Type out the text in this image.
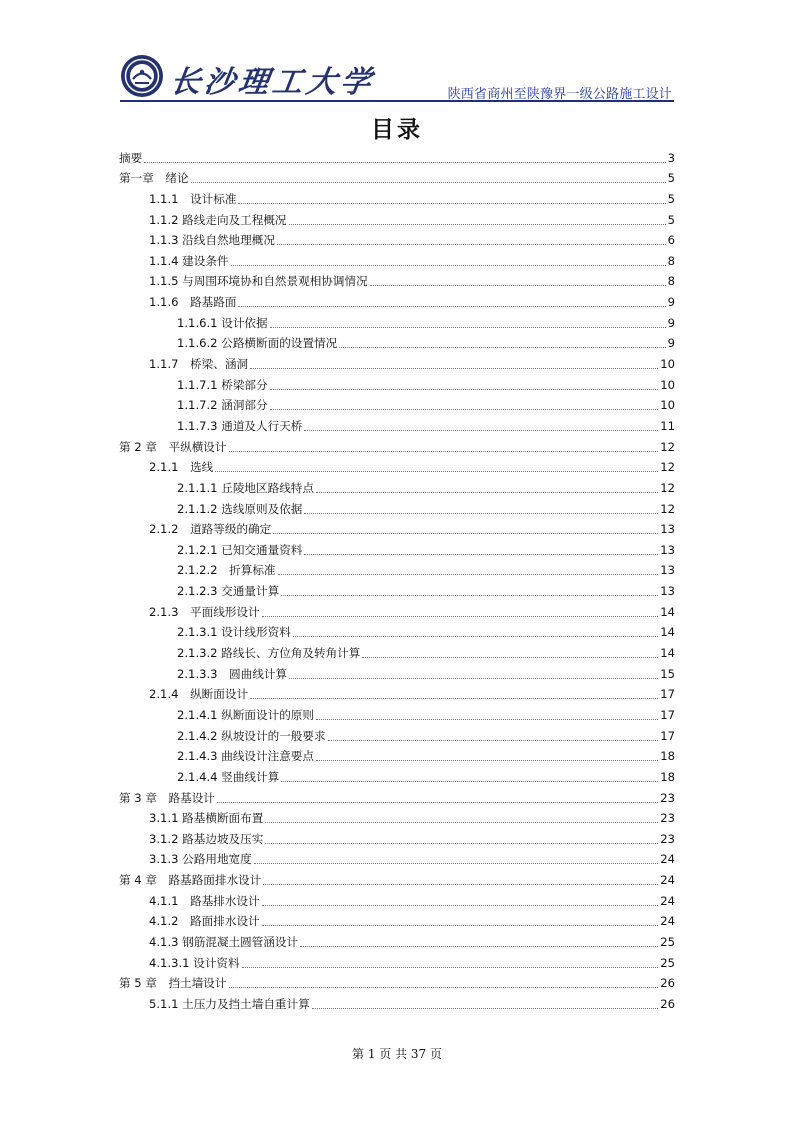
长沙理工大学	陕西省商州至陕豫界一级公路施工设计
目录
摘要	3
第一章　绪论	5
1.1.1　设计标准	5
1.1.2 路线走向及工程概况	5
1.1.3 沿线自然地理概况	6
1.1.4 建设条件	8
1.1.5 与周围环境协和自然景观相协调情况	8
1.1.6　路基路面	9
1.1.6.1 设计依据	9
1.1.6.2 公路横断面的设置情况	9
1.1.7　桥梁、涵洞	10
1.1.7.1 桥梁部分	10
1.1.7.2 涵洞部分	10
1.1.7.3 通道及人行天桥	11
第 2 章　平纵横设计	12
2.1.1　选线	12
2.1.1.1 丘陵地区路线特点	12
2.1.1.2 选线原则及依据	12
2.1.2　道路等级的确定	13
2.1.2.1 已知交通量资料	13
2.1.2.2　折算标准	13
2.1.2.3 交通量计算	13
2.1.3　平面线形设计	14
2.1.3.1 设计线形资料	14
2.1.3.2 路线长、方位角及转角计算	14
2.1.3.3　圆曲线计算	15
2.1.4　纵断面设计	17
2.1.4.1 纵断面设计的原则	17
2.1.4.2 纵坡设计的一般要求	17
2.1.4.3 曲线设计注意要点	18
2.1.4.4 竖曲线计算	18
第 3 章　路基设计	23
3.1.1 路基横断面布置	23
3.1.2 路基边坡及压实	23
3.1.3 公路用地宽度	24
第 4 章　路基路面排水设计	24
4.1.1　路基排水设计	24
4.1.2　路面排水设计	24
4.1.3 钢筋混凝土圆管涵设计	25
4.1.3.1 设计资料	25
第 5 章　挡土墙设计	26
5.1.1 土压力及挡土墙自重计算	26
第 1 页 共 37 页
